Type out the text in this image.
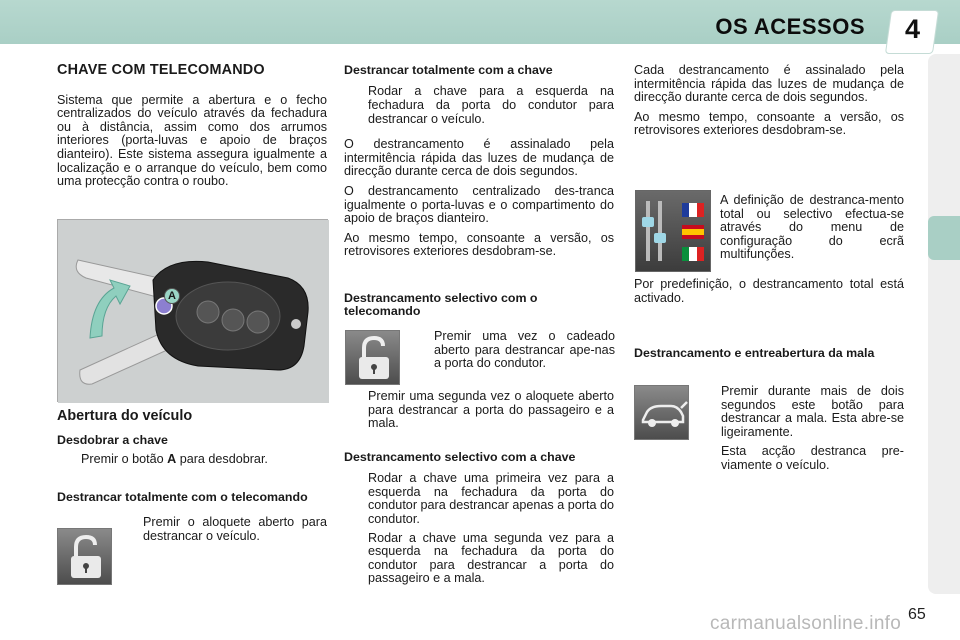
OS ACESSOS 4
CHAVE COM TELECOMANDO

Sistema que permite a abertura e o fecho centralizados do veículo através da fechadura ou à distância, assim como dos arrumos interiores (porta-luvas e apoio de braços dianteiro). Este sistema assegura igualmente a localização e o arranque do veículo, bem como uma protecção contra o roubo.

A
Abertura do veículo
Desdobrar a chave
Premir o botão A para desdobrar.
Destrancar totalmente com o telecomando
Premir o aloquete aberto para destrancar o veículo.
Destrancar totalmente com a chave
Rodar a chave para a esquerda na fechadura da porta do condutor para destrancar o veículo.

O destrancamento é assinalado pela intermitência rápida das luzes de mudança de direcção durante cerca de dois segundos.

O destrancamento centralizado des-tranca igualmente o porta-luvas e o compartimento do apoio de braços dianteiro.

Ao mesmo tempo, consoante a versão, os retrovisores exteriores desdobram-se.

Destrancamento selectivo com o telecomando
Premir uma vez o cadeado aberto para destrancar ape-nas a porta do condutor.
Premir uma segunda vez o aloquete aberto para destrancar a porta do passageiro e a mala.
Destrancamento selectivo com a chave
Rodar a chave uma primeira vez para a esquerda na fechadura da porta do condutor para destrancar apenas a porta do condutor.
Rodar a chave uma segunda vez para a esquerda na fechadura da porta do condutor para destrancar a porta do passageiro e a mala.

Cada destrancamento é assinalado pela intermitência rápida das luzes de mudança de direcção durante cerca de dois segundos.

Ao mesmo tempo, consoante a versão, os retrovisores exteriores desdobram-se.

A definição de destranca-mento total ou selectivo efectua-se através do menu de configuração do ecrã multifunções.

Por predefinição, o destrancamento total está activado.

Destrancamento e entreabertura da mala
Premir durante mais de dois segundos este botão para destrancar a mala. Esta abre-se ligeiramente.
Esta acção destranca pre-viamente o veículo.
65
carmanualsonline.info
